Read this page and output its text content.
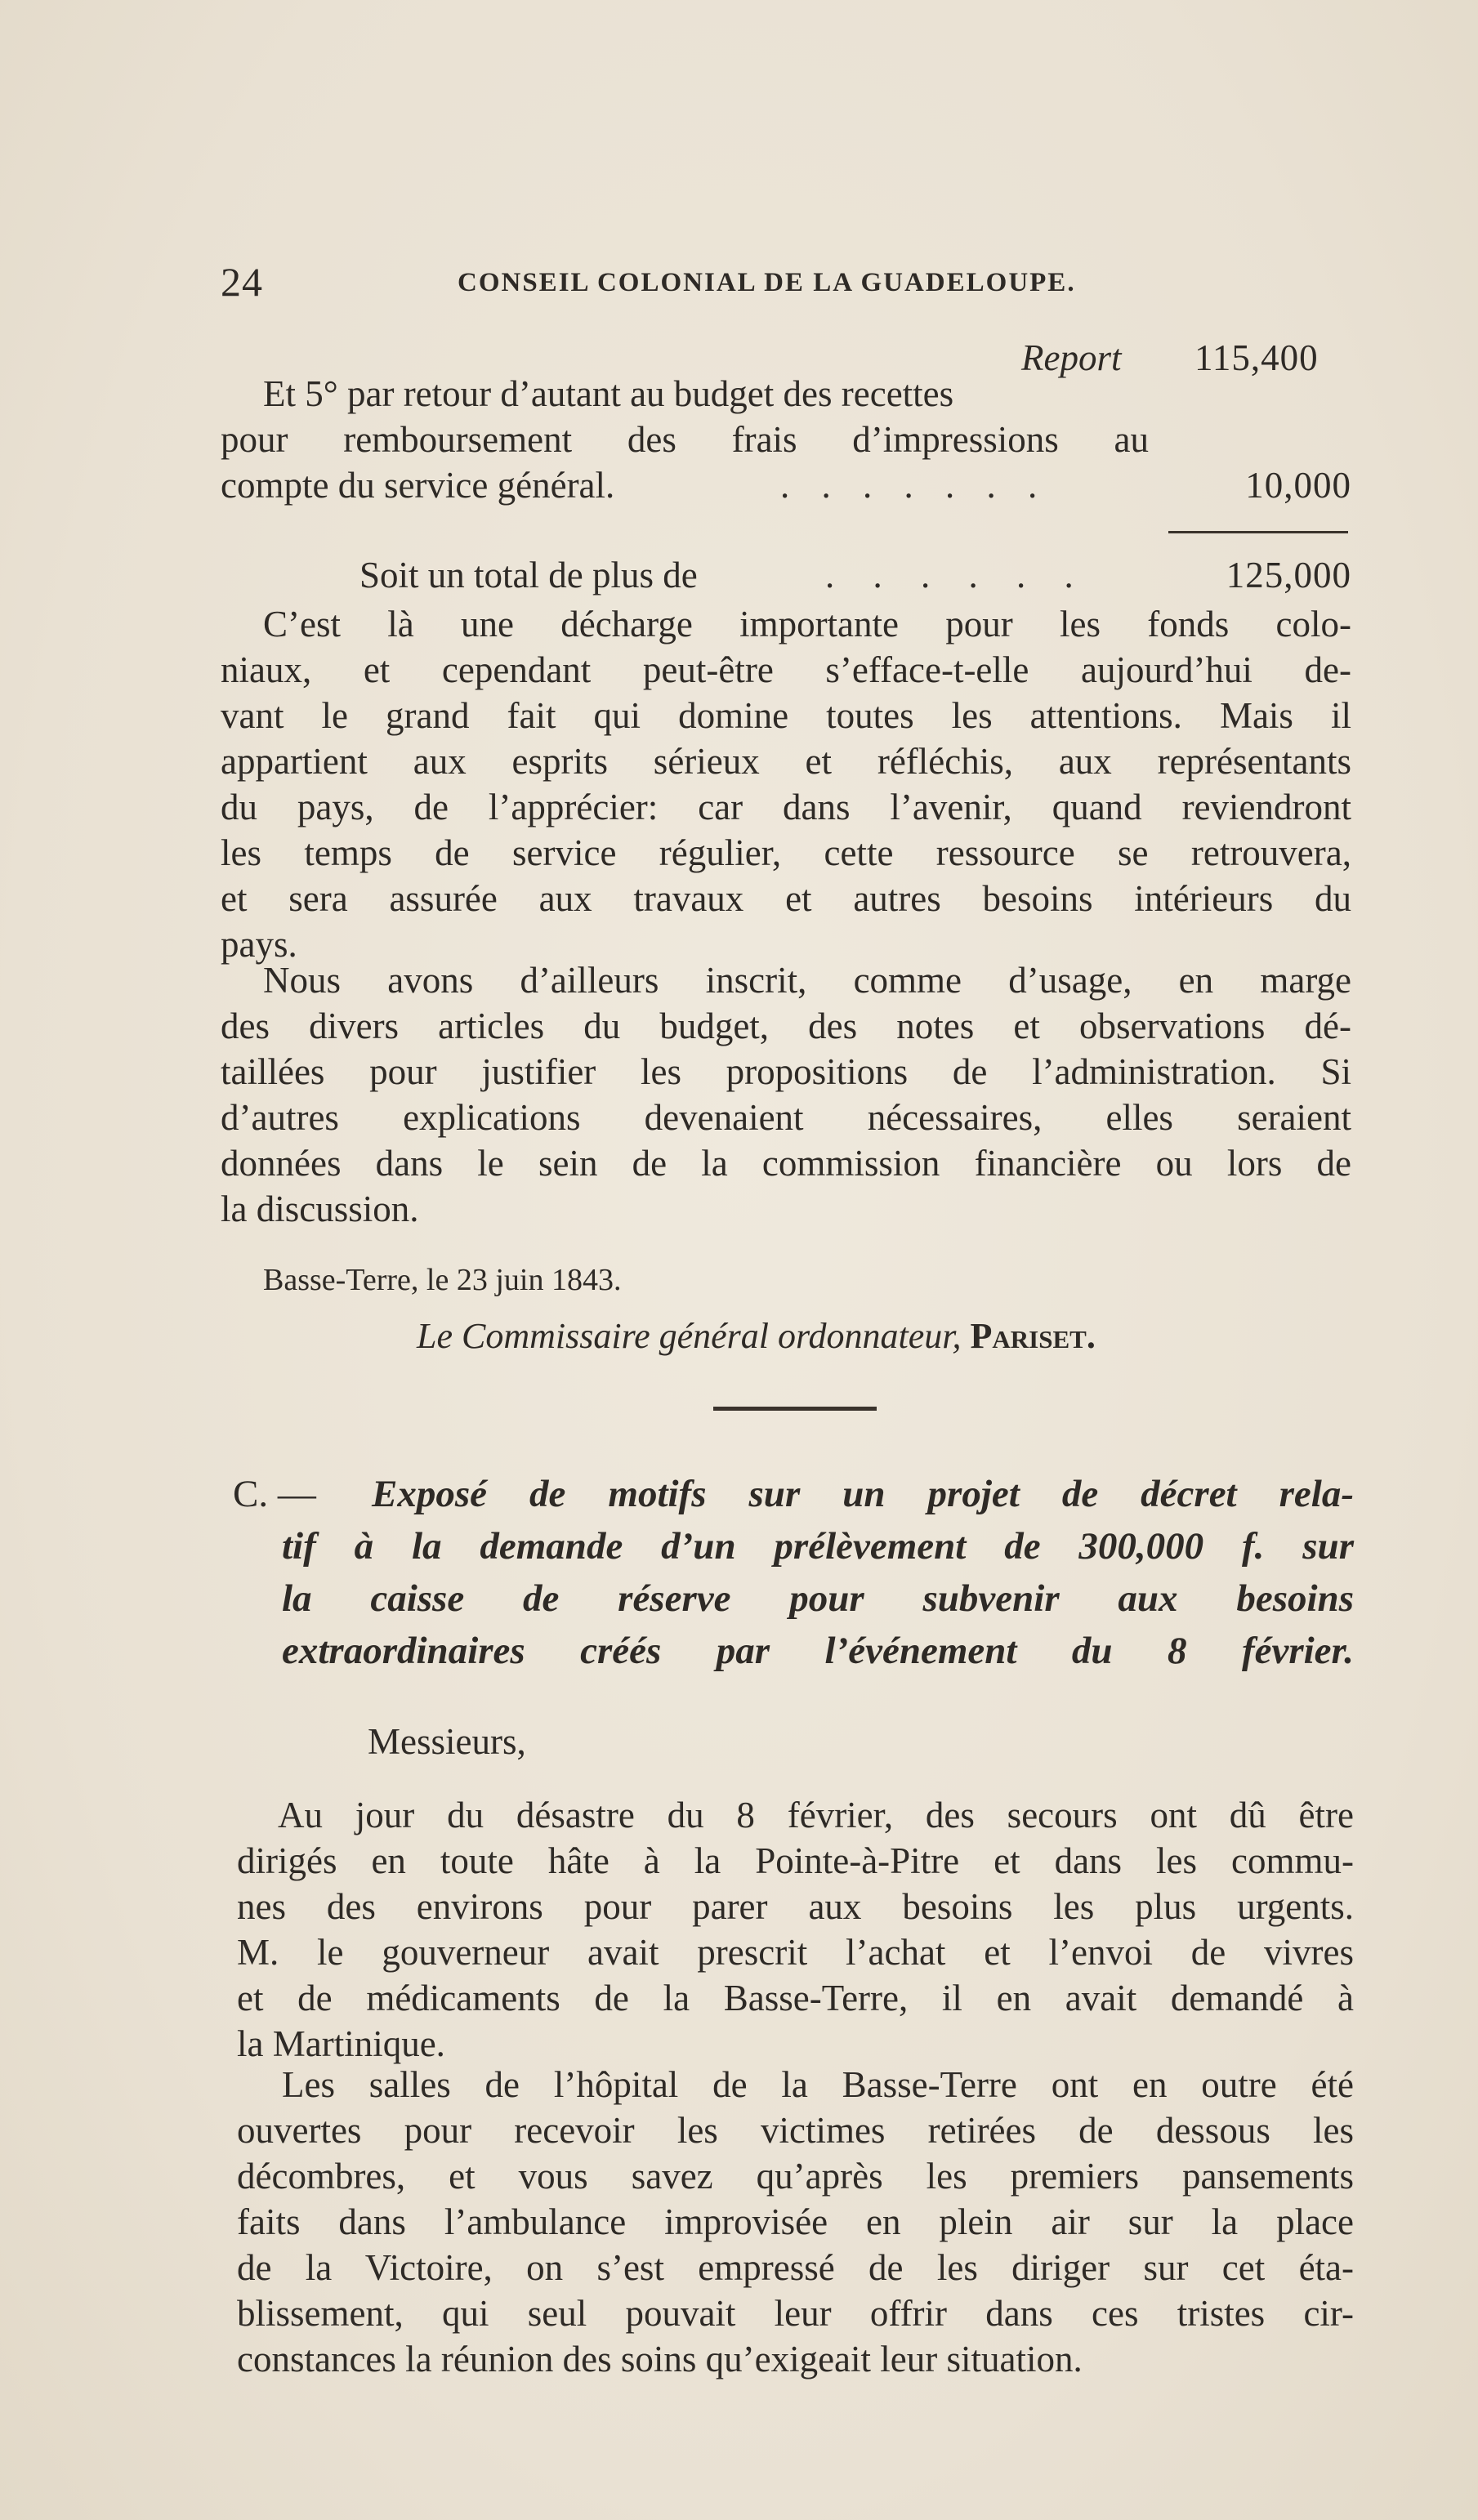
24	CONSEIL COLONIAL DE LA GUADELOUPE.
Report 115,400
Et 5° par retour d’autant au budget des recettes
pour remboursement des frais d’impressions au
compte du service général.	. . . . . . .	10,000
Soit un total de plus de	. . . . . .	125,000
C’est là une décharge importante pour les fonds colo-
niaux, et cependant peut-être s’efface-t-elle aujourd’hui de-
vant le grand fait qui domine toutes les attentions. Mais il
appartient aux esprits sérieux et réfléchis, aux représentants
du pays, de l’apprécier: car dans l’avenir, quand reviendront
les temps de service régulier, cette ressource se retrouvera,
et sera assurée aux travaux et autres besoins intérieurs du
pays.
Nous avons d’ailleurs inscrit, comme d’usage, en marge
des divers articles du budget, des notes et observations dé-
taillées pour justifier les propositions de l’administration. Si
d’autres explications devenaient nécessaires, elles seraient
données dans le sein de la commission financière ou lors de
la discussion.
Basse-Terre, le 23 juin 1843.
Le Commissaire général ordonnateur, Pariset.
C. — Exposé de motifs sur un projet de décret rela-
tif à la demande d’un prélèvement de 300,000 f. sur
la caisse de réserve pour subvenir aux besoins
extraordinaires créés par l’événement du 8 février.
Messieurs,
Au jour du désastre du 8 février, des secours ont dû être
dirigés en toute hâte à la Pointe-à-Pitre et dans les commu-
nes des environs pour parer aux besoins les plus urgents.
M. le gouverneur avait prescrit l’achat et l’envoi de vivres
et de médicaments de la Basse-Terre, il en avait demandé à
la Martinique.
Les salles de l’hôpital de la Basse-Terre ont en outre été
ouvertes pour recevoir les victimes retirées de dessous les
décombres, et vous savez qu’après les premiers pansements
faits dans l’ambulance improvisée en plein air sur la place
de la Victoire, on s’est empressé de les diriger sur cet éta-
blissement, qui seul pouvait leur offrir dans ces tristes cir-
constances la réunion des soins qu’exigeait leur situation.
